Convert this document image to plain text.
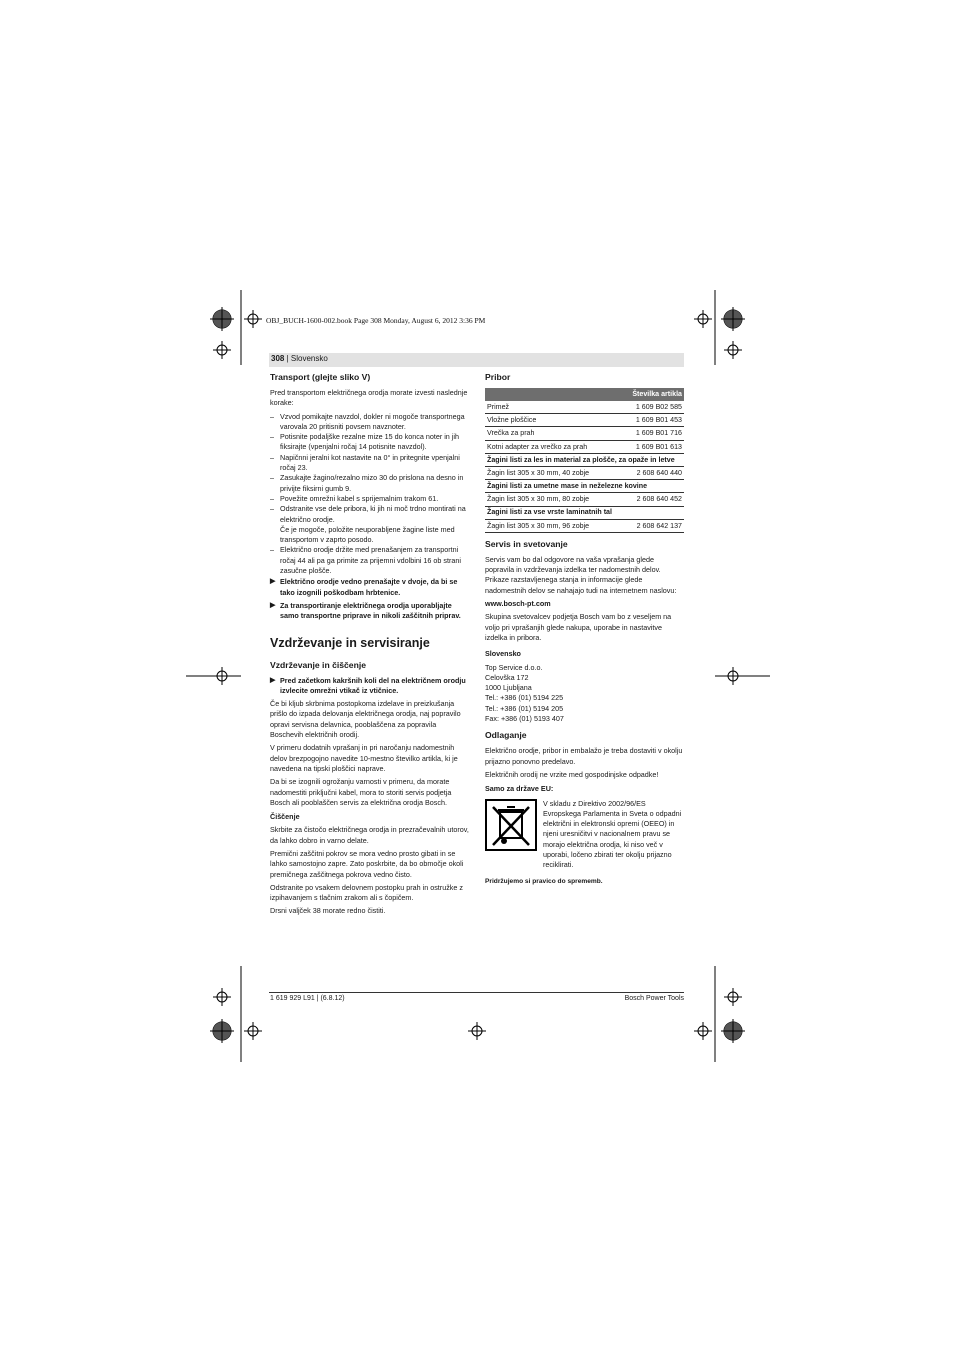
OBJ_BUCH-1600-002.book Page 308 Monday, August 6, 2012 3:36 PM
308 | Slovensko
Transport (glejte sliko V)

Pred transportom električnega orodja morate izvesti naslednje korake:

– Vzvod pomikajte navzdol, dokler ni mogoče transportnega varovala 20 pritisniti povsem navznoter.
– Potisnite podaljške rezalne mize 15 do konca noter in jih fiksirajte (vpenjalni ročaj 14 potisnite navzdol).
– Napičnni jeralni kot nastavite na 0° in pritegnite vpenjalni ročaj 23.
– Zasukajte žagino/rezalno mizo 30 do prislona na desno in privijte fiksirni gumb 9.
– Povežite omrežni kabel s sprijemalnim trakom 61.
– Odstranite vse dele pribora, ki jih ni moč trdno montirati na električno orodje.
Če je mogoče, položite neuporabljene žagine liste med transportom v zaprto posodo.
– Električno orodje držite med prenašanjem za transportni ročaj 44 ali pa ga primite za prijemni vdolbini 16 ob strani zasučne plošče.
▶ Električno orodje vedno prenašajte v dvoje, da bi se tako izognili poškodbam hrbtenice.
▶ Za transportiranje električnega orodja uporabljajte samo transportne priprave in nikoli zaščitnih priprav.
Vzdrževanje in servisiranje
Vzdrževanje in čiščenje
▶ Pred začetkom kakršnih koli del na električnem orodju izvlecite omrežni vtikač iz vtičnice.

Če bi kljub skrbnima postopkoma izdelave in preizkušanja prišlo do izpada delovanja električnega orodja, naj popravilo opravi servisna delavnica, pooblaščena za popravila Boschevih električnih orodij.

V primeru dodatnih vprašanj in pri naročanju nadomestnih delov brezpogojno navedite 10-mestno številko artikla, ki je navedena na tipski ploščici naprave.

Da bi se izognili ogrožanju varnosti v primeru, da morate nadomestiti priključni kabel, mora to storiti servis podjetja Bosch ali pooblaščen servis za električna orodja Bosch.

Čiščenje

Skrbite za čistočo električnega orodja in prezračevalnih utorov, da lahko dobro in varno delate.

Premični zaščitni pokrov se mora vedno prosto gibati in se lahko samostojno zapre. Zato poskrbite, da bo območje okoli premičnega zaščitnega pokrova vedno čisto.

Odstranite po vsakem delovnem postopku prah in ostružke z izpihavanjem s tlačnim zrakom ali s čopičem.

Drsni valjček 38 morate redno čistiti.

Pribor
Številka artikla	
Primež	1 609 B02 585
Vložne ploščice	1 609 B01 453
Vrečka za prah	1 609 B01 716
Kotni adapter za vrečko za prah	1 609 B01 613
Žagini listi za les in material za plošče, za opaže in letve	
Žagin list 305 x 30 mm, 40 zobje	2 608 640 440
Žagini listi za umetne mase in neželezne kovine	
Žagin list 305 x 30 mm, 80 zobje	2 608 640 452
Žagini listi za vse vrste laminatnih tal	
Žagin list 305 x 30 mm, 96 zobje	2 608 642 137
Servis in svetovanje

Servis vam bo dal odgovore na vaša vprašanja glede popravila in vzdrževanja izdelka ter nadomestnih delov. Prikaze razstavljenega stanja in informacije glede nadomestnih delov se nahajajo tudi na internetnem naslovu:

www.bosch-pt.com

Skupina svetovalcev podjetja Bosch vam bo z veseljem na voljo pri vprašanjih glede nakupa, uporabe in nastavitve izdelka in pribora.

Slovensko
Top Service d.o.o.
Celovška 172
1000 Ljubljana
Tel.: +386 (01) 5194 225
Tel.: +386 (01) 5194 205
Fax: +386 (01) 5193 407
Odlaganje

Električno orodje, pribor in embalažo je treba dostaviti v okolju prijazno ponovno predelavo.

Električnih orodij ne vrzite med gospodinjske odpadke!

Samo za države EU:
V skladu z Direktivo 2002/96/ES Evropskega Parlamenta in Sveta o odpadni električni in elektronski opremi (OEEO) in njeni uresničitvi v nacionalnem pravu se morajo električna orodja, ki niso več v uporabi, ločeno zbirati ter okolju prijazno reciklirati.

Pridržujemo si pravico do sprememb.

1 619 929 L91 | (6.8.12)	Bosch Power Tools
